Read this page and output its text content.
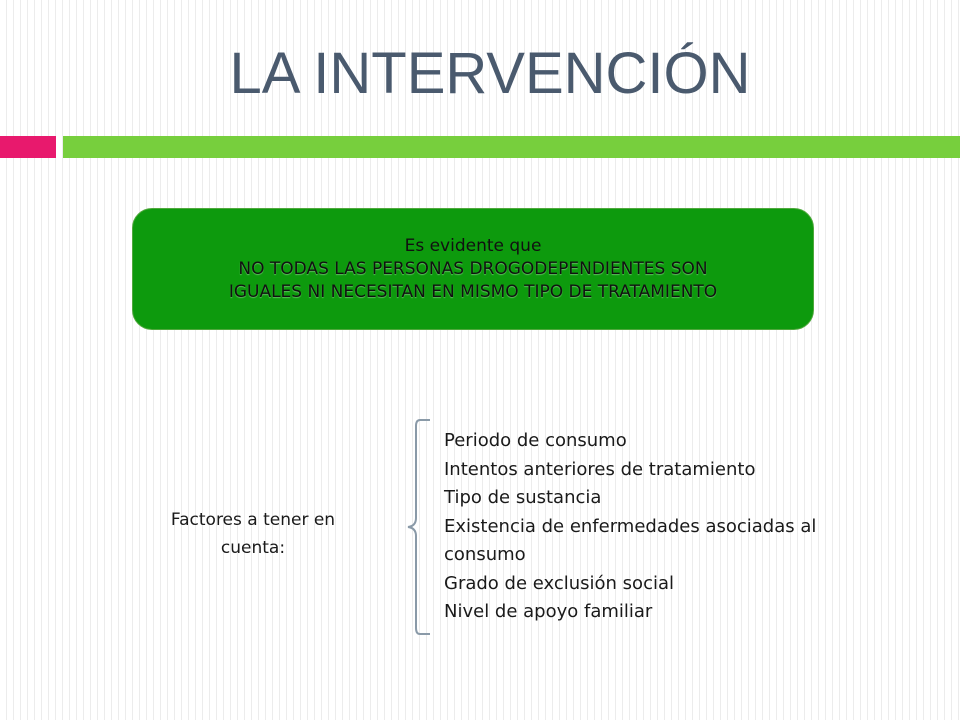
LA INTERVENCIÓN
Es evidente que
NO TODAS LAS PERSONAS DROGODEPENDIENTES SON
IGUALES NI NECESITAN EN MISMO TIPO DE TRATAMIENTO
Factores a tener en
cuenta:
Periodo de consumo
Intentos anteriores de tratamiento
Tipo de sustancia
Existencia de enfermedades asociadas al
consumo
Grado de exclusión social
Nivel de apoyo familiar
